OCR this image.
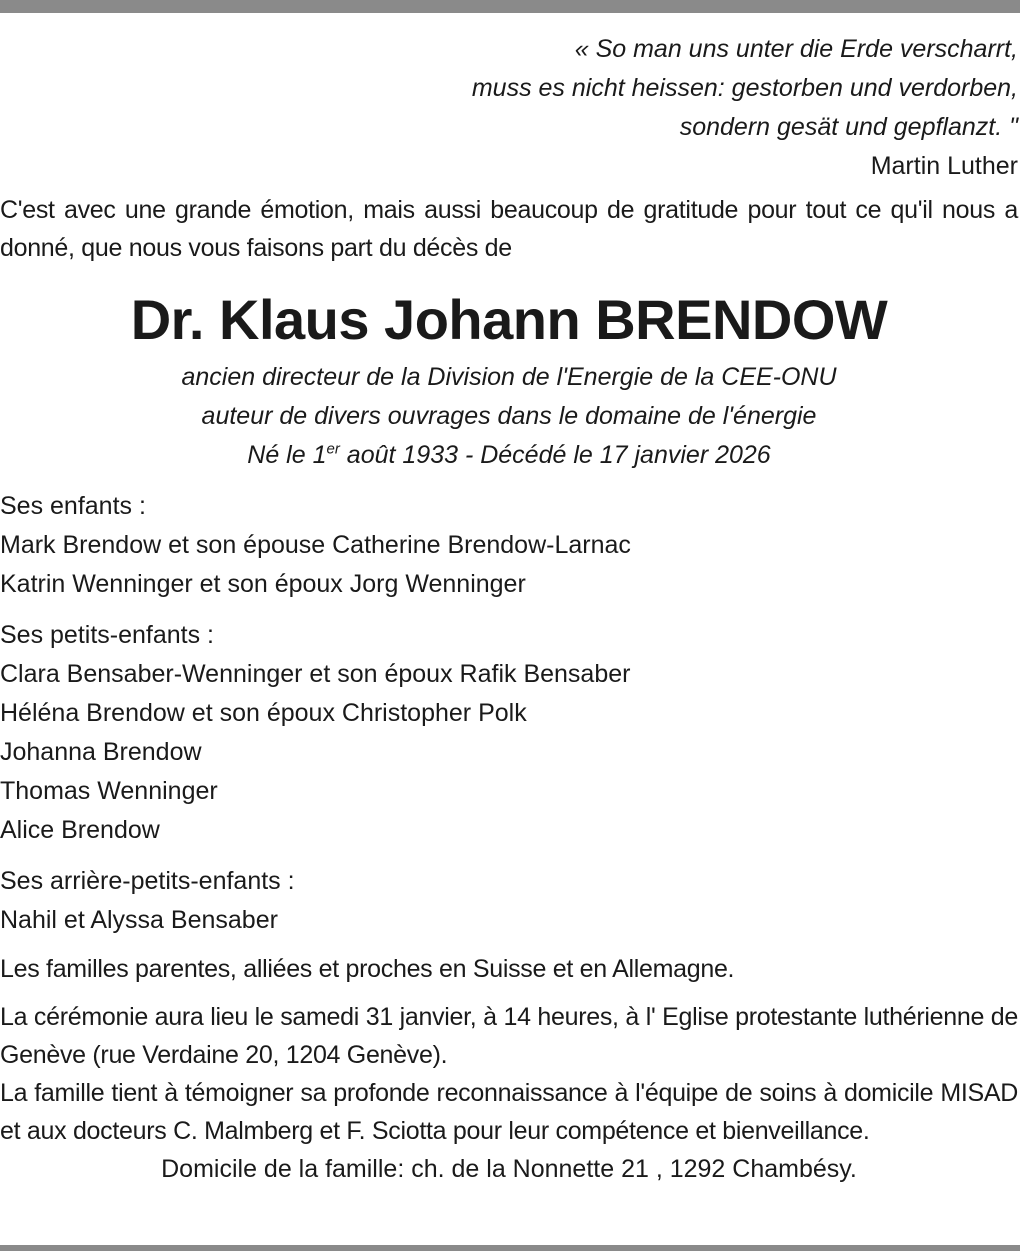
« So man uns unter die Erde verscharrt,
muss es nicht heissen: gestorben und verdorben,
sondern gesät und gepflanzt. "
Martin Luther
C'est avec une grande émotion, mais aussi beaucoup de gratitude pour tout ce qu'il nous a donné, que nous vous faisons part du décès de
Dr. Klaus Johann BRENDOW
ancien directeur de la Division de l'Energie de la CEE-ONU
auteur de divers ouvrages dans le domaine de l'énergie
Né le 1er août 1933 - Décédé le 17 janvier 2026
Ses enfants :
Mark Brendow et son épouse Catherine Brendow-Larnac
Katrin Wenninger et son époux Jorg Wenninger
Ses petits-enfants :
Clara Bensaber-Wenninger et son époux Rafik Bensaber
Héléna Brendow et son époux Christopher Polk
Johanna Brendow
Thomas Wenninger
Alice Brendow
Ses arrière-petits-enfants :
Nahil et Alyssa Bensaber
Les familles parentes, alliées et proches en Suisse et en Allemagne.
La cérémonie aura lieu le samedi 31 janvier, à 14 heures, à l' Eglise protestante luthérienne de Genève (rue Verdaine 20, 1204 Genève).
La famille tient à témoigner sa profonde reconnaissance à l'équipe de soins à domicile MISAD et aux docteurs C. Malmberg et F. Sciotta pour leur compétence et bienveillance.
Domicile de la famille: ch. de la Nonnette 21 , 1292 Chambésy.
